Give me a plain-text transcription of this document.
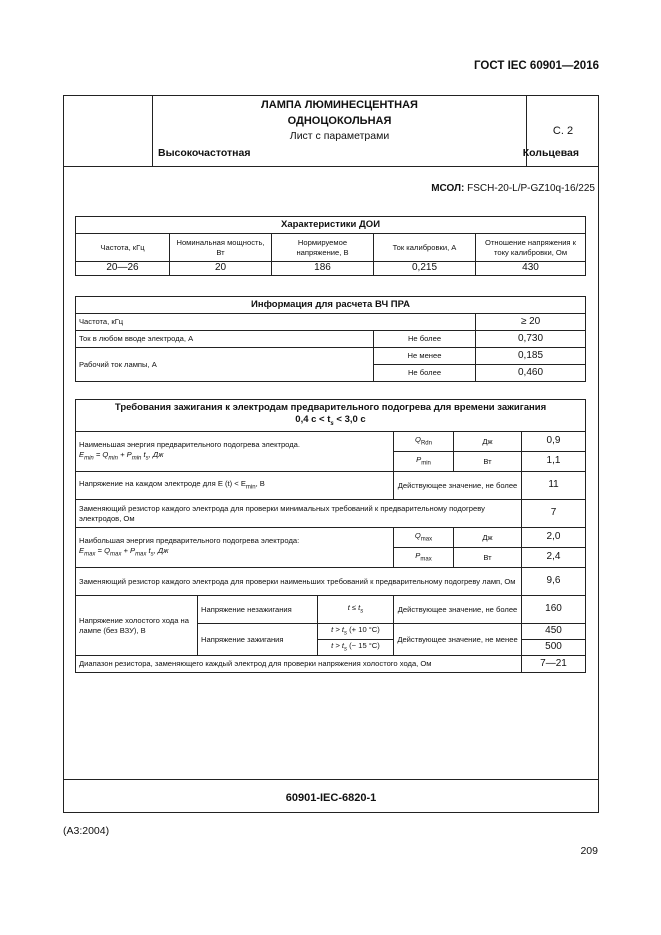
ГОСТ IEC 60901—2016
С. 2
ЛАМПА ЛЮМИНЕСЦЕНТНАЯ
ОДНОЦОКОЛЬНАЯ
Лист с параметрами
Высокочастотная	Кольцевая
МСОЛ: FSCH-20-L/P-GZ10q-16/225
Характеристики ДОИ				
Частота, кГц	Номинальная мощность, Вт	Нормируемое напряжение, В	Ток калибровки, А	Отношение напряжения к току калибровки, Ом
20—26	20	186	0,215	430
Информация для расчета ВЧ ПРА		
Частота, кГц		≥ 20
Ток в любом вводе электрода, А	Не более	0,730
Рабочий ток лампы, А	Не менее	0,185
	Не более	0,460
Требования зажигания к электродам предварительного подогрева для времени зажигания
0,4 $с < t_s < 3,0$ с					
Наименьшая энергия предварительного подогрева электрода.
$E_{min} = Q_{min} + P_{min}$ $t_s$, Дж			$Q_{Rdn}$	Дж	0,9
			$P_{min}$	Вт	1,1
Напряжение на каждом электроде для E $(t) < E_{min}$, В			Действующее значение, не более		11
Заменяющий резистор каждого электрода для проверки минимальных требований к предварительному подогреву электродов, Ом					7
Наибольшая энергия предварительного подогрева электрода:
$E_{max} = Q_{max} + P_{max}$ $t_s$, Дж			$Q_{max}$	Дж	2,0
			$P_{max}$	Вт	2,4
Заменяющий резистор каждого электрода для проверки наименьших требований к предварительному подогреву ламп, Ом					9,6
Напряжение холостого хода на лампе (без ВЗУ), В	Напряжение незажигания	$t \le t_s$	Действующее значение, не более		160
	Напряжение зажигания	$t > t_s$ (+ 10 °C)	Действующее значение, не менее		450
		$t > t_s$ (− 15 °C)			500
Диапазон резистора, заменяющего каждый электрод для проверки напряжения холостого хода, Ом					7—21
60901-IEC-6820-1
(A3:2004)
209
